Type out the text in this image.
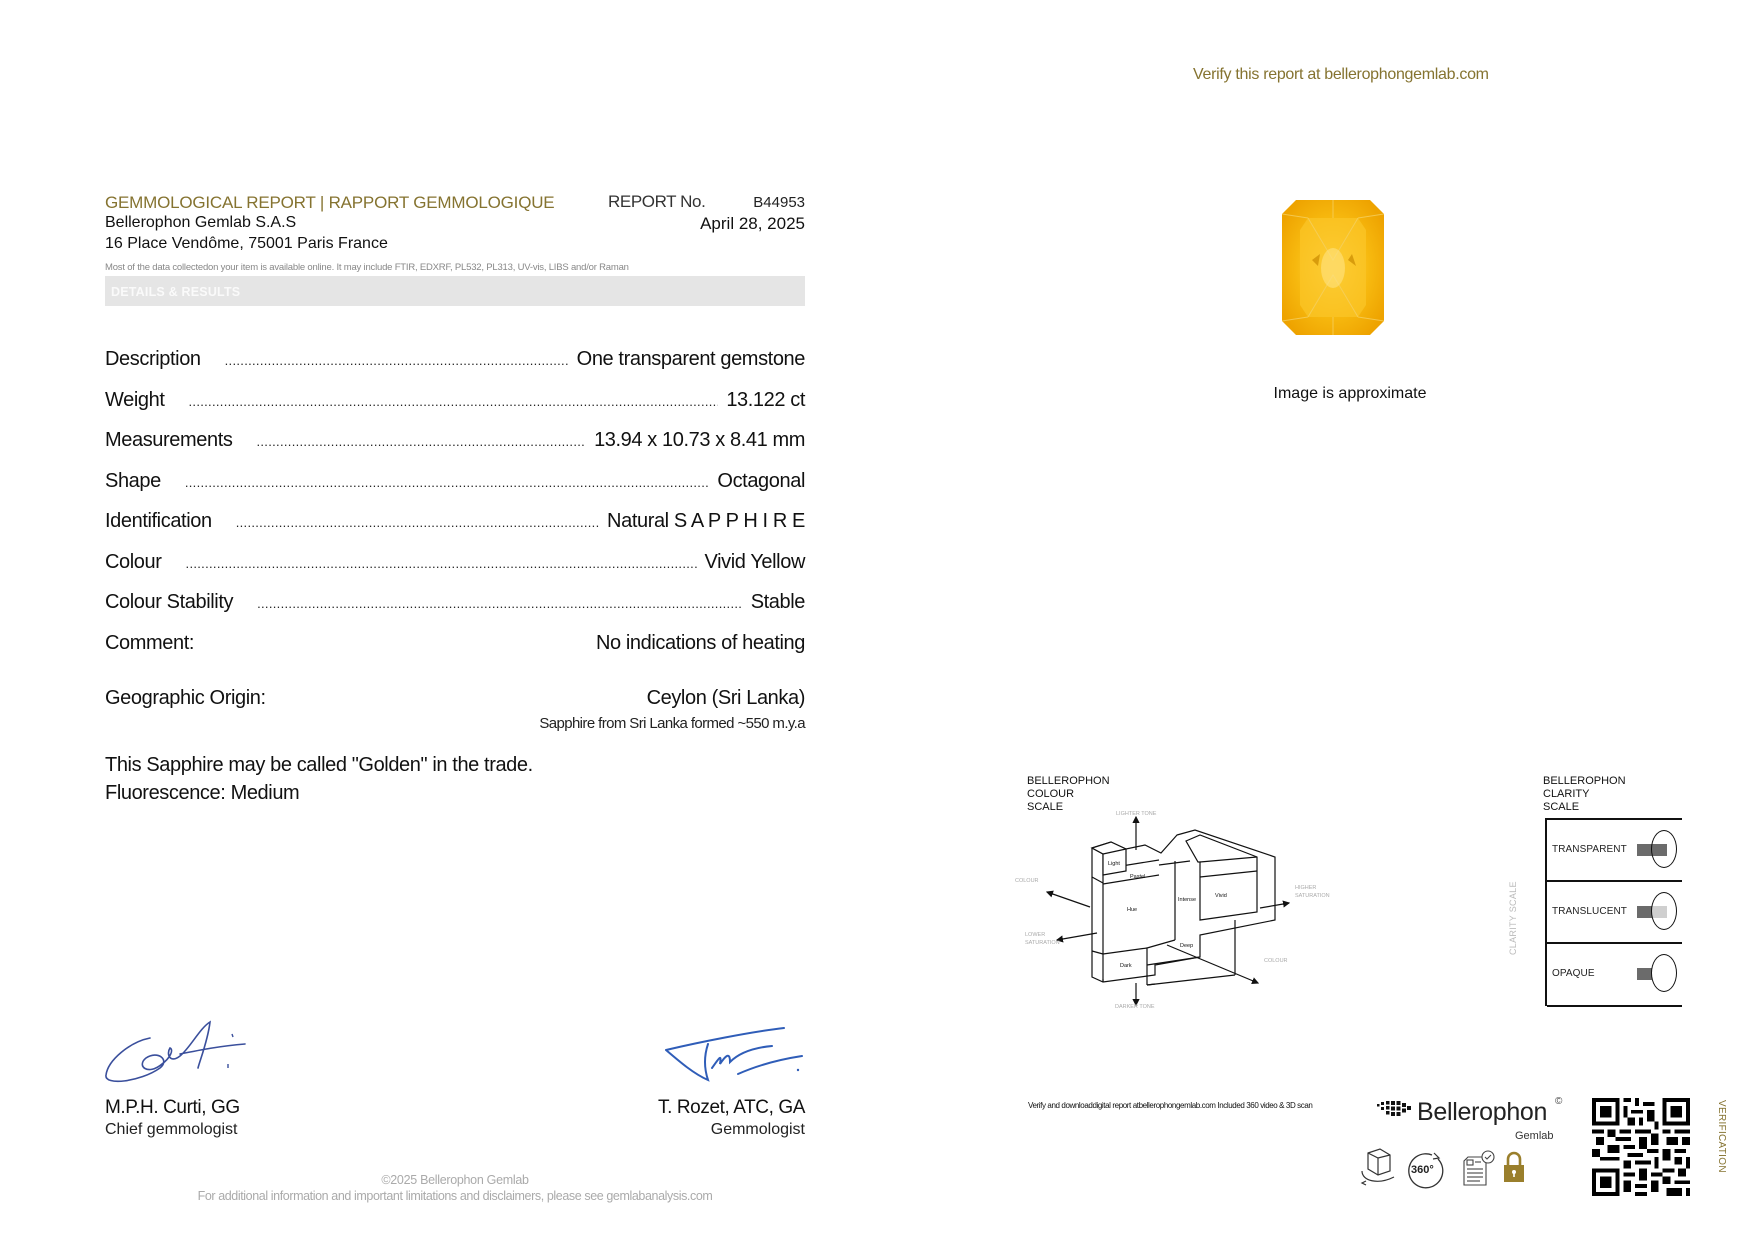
Verify this report at bellerophongemlab.com
GEMMOLOGICAL REPORT | RAPPORT GEMMOLOGIQUE
Bellerophon Gemlab S.A.S
16 Place Vendôme, 75001 Paris France
REPORT No.	B44953
April 28, 2025
Most of the data collectedon your item is available online. It may include FTIR, EDXRF, PL532, PL313, UV-vis, LIBS and/or Raman
DETAILS & RESULTS
Description .....	One transparent gemstone
Weight .....	13.122 ct
Measurements .....	13.94 x 10.73 x 8.41 mm
Shape .....	Octagonal
Identification .....	Natural S A P P H I R E
Colour .....	Vivid Yellow
Colour Stability .....	Stable
Comment:	No indications of heating
Geographic Origin:	Ceylon (Sri Lanka)
Sapphire from Sri Lanka formed ~550 m.y.a
This Sapphire may be called "Golden" in the trade.
Fluorescence: Medium
M.P.H. Curti, GG
Chief gemmologist
T. Rozet, ATC, GA
Gemmologist
©2025 Bellerophon Gemlab
For additional information and important limitations and disclaimers, please see gemlabanalysis.com
Image is approximate
BELLEROPHON
COLOUR
SCALE
Light
Pastel
Hue
Intense
Vivid
Deep
Dark
LIGHTER TONE
DARKER TONE
COLOUR
LOWER
SATURATION
HIGHER
SATURATION
COLOUR
BELLEROPHON
CLARITY
SCALE
CLARITY SCALE
TRANSPARENT
TRANSLUCENT
OPAQUE
Verify and downloaddigital report atbellerophongemlab.com Included 360 video & 3D scan	Bellerophon ©
Gemlab
360°	VERIFICATION
